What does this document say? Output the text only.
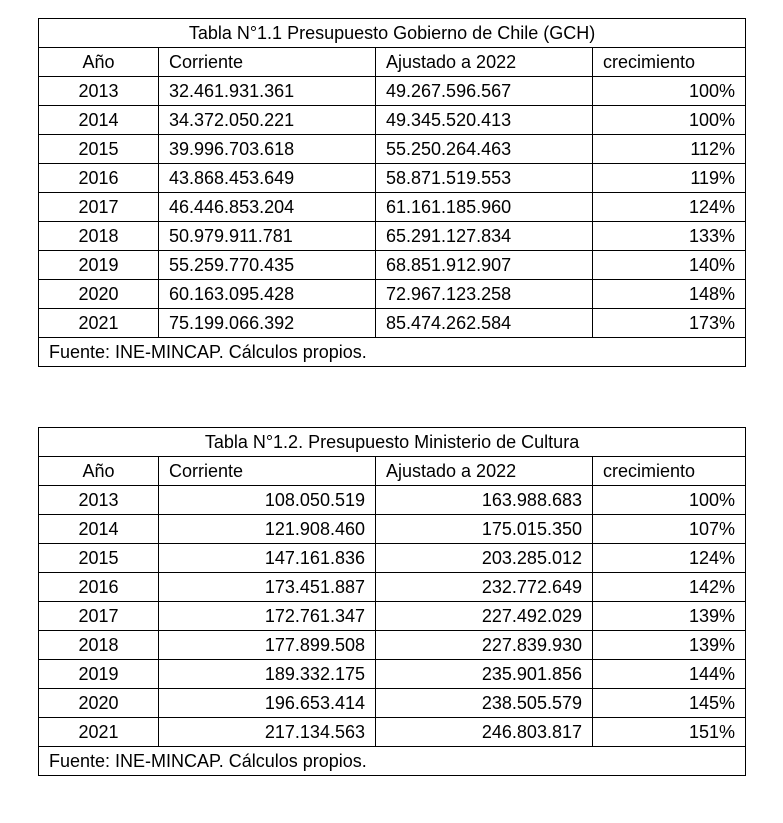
Tabla N°1.1 Presupuesto Gobierno de Chile (GCH)			
Año	Corriente	Ajustado a 2022	crecimiento
2013	32.461.931.361	49.267.596.567	100%
2014	34.372.050.221	49.345.520.413	100%
2015	39.996.703.618	55.250.264.463	112%
2016	43.868.453.649	58.871.519.553	119%
2017	46.446.853.204	61.161.185.960	124%
2018	50.979.911.781	65.291.127.834	133%
2019	55.259.770.435	68.851.912.907	140%
2020	60.163.095.428	72.967.123.258	148%
2021	75.199.066.392	85.474.262.584	173%
Fuente: INE-MINCAP. Cálculos propios.			
Tabla N°1.2. Presupuesto Ministerio de Cultura			
Año	Corriente	Ajustado a 2022	crecimiento
2013	108.050.519	163.988.683	100%
2014	121.908.460	175.015.350	107%
2015	147.161.836	203.285.012	124%
2016	173.451.887	232.772.649	142%
2017	172.761.347	227.492.029	139%
2018	177.899.508	227.839.930	139%
2019	189.332.175	235.901.856	144%
2020	196.653.414	238.505.579	145%
2021	217.134.563	246.803.817	151%
Fuente: INE-MINCAP. Cálculos propios.			
